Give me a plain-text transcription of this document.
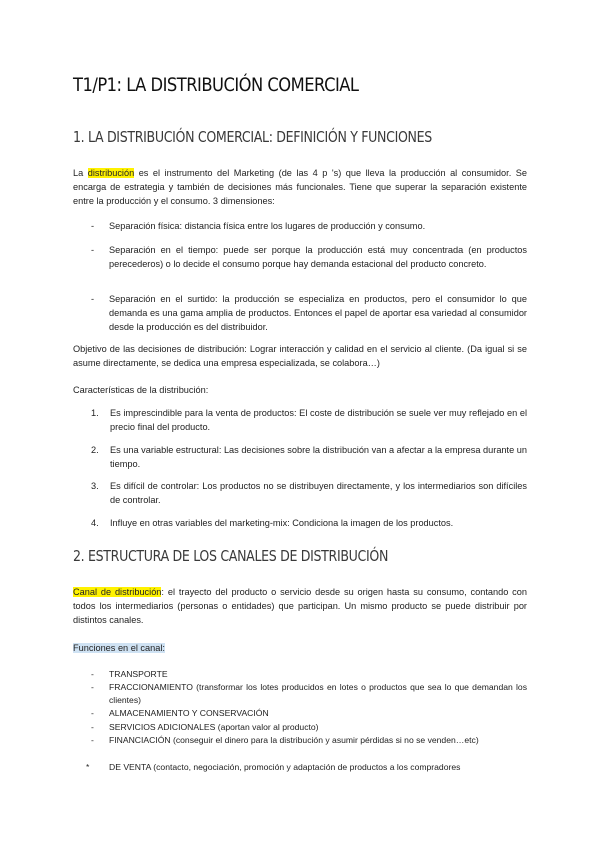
T1/P1: LA DISTRIBUCIÓN COMERCIAL
1. LA DISTRIBUCIÓN COMERCIAL: DEFINICIÓN Y FUNCIONES

La distribución es el instrumento del Marketing (de las 4 p 's) que lleva la producción al consumidor. Se encarga de estrategia y también de decisiones más funcionales. Tiene que superar la separación existente entre la producción y el consumo. 3 dimensiones:

-	Separación física: distancia física entre los lugares de producción y consumo.
-	Separación en el tiempo: puede ser porque la producción está muy concentrada (en productos perecederos) o lo decide el consumo porque hay demanda estacional del producto concreto.
-	Separación en el surtido: la producción se especializa en productos, pero el consumidor lo que demanda es una gama amplia de productos. Entonces el papel de aportar esa variedad al consumidor desde la producción es del distribuidor.

Objetivo de las decisiones de distribución: Lograr interacción y calidad en el servicio al cliente. (Da igual si se asume directamente, se dedica una empresa especializada, se colabora…)

Características de la distribución:

1.	Es imprescindible para la venta de productos: El coste de distribución se suele ver muy reflejado en el precio final del producto.
2.	Es una variable estructural: Las decisiones sobre la distribución van a afectar a la empresa durante un tiempo.
3.	Es difícil de controlar: Los productos no se distribuyen directamente, y los intermediarios son difíciles de controlar.
4.	Influye en otras variables del marketing-mix: Condiciona la imagen de los productos.
2. ESTRUCTURA DE LOS CANALES DE DISTRIBUCIÓN

Canal de distribución: el trayecto del producto o servicio desde su origen hasta su consumo, contando con todos los intermediarios (personas o entidades) que participan. Un mismo producto se puede distribuir por distintos canales.

Funciones en el canal:

-	TRANSPORTE
-	FRACCIONAMIENTO (transformar los lotes producidos en lotes o productos que sea lo que demandan los clientes)
-	ALMACENAMIENTO Y CONSERVACIÓN
-	SERVICIOS ADICIONALES (aportan valor al producto)
-	FINANCIACIÓN (conseguir el dinero para la distribución y asumir pérdidas si no se venden…etc)
*	DE VENTA (contacto, negociación, promoción y adaptación de productos a los compradores
